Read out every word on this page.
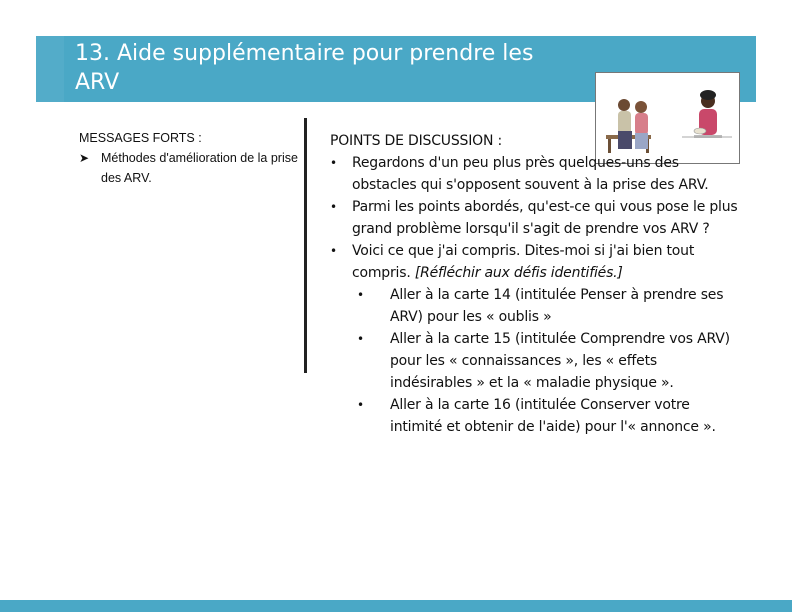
13. Aide supplémentaire pour prendre les ARV
MESSAGES FORTS :
➤ Méthodes d'amélioration de la prise des ARV.
POINTS DE DISCUSSION :
•	Regardons d'un peu plus près quelques-uns des obstacles qui s'opposent souvent à la prise des ARV.
•	Parmi les points abordés, qu'est-ce qui vous pose le plus grand problème lorsqu'il s'agit de prendre vos ARV ?
•	Voici ce que j'ai compris. Dites-moi si j'ai bien tout compris. [Réfléchir aux défis identifiés.]
•	Aller à la carte 14 (intitulée Penser à prendre ses ARV) pour les « oublis »
•	Aller à la carte 15 (intitulée Comprendre vos ARV) pour les « connaissances », les « effets indésirables » et la « maladie physique ».
•	Aller à la carte 16 (intitulée Conserver votre intimité et obtenir de l'aide) pour l'« annonce ».
